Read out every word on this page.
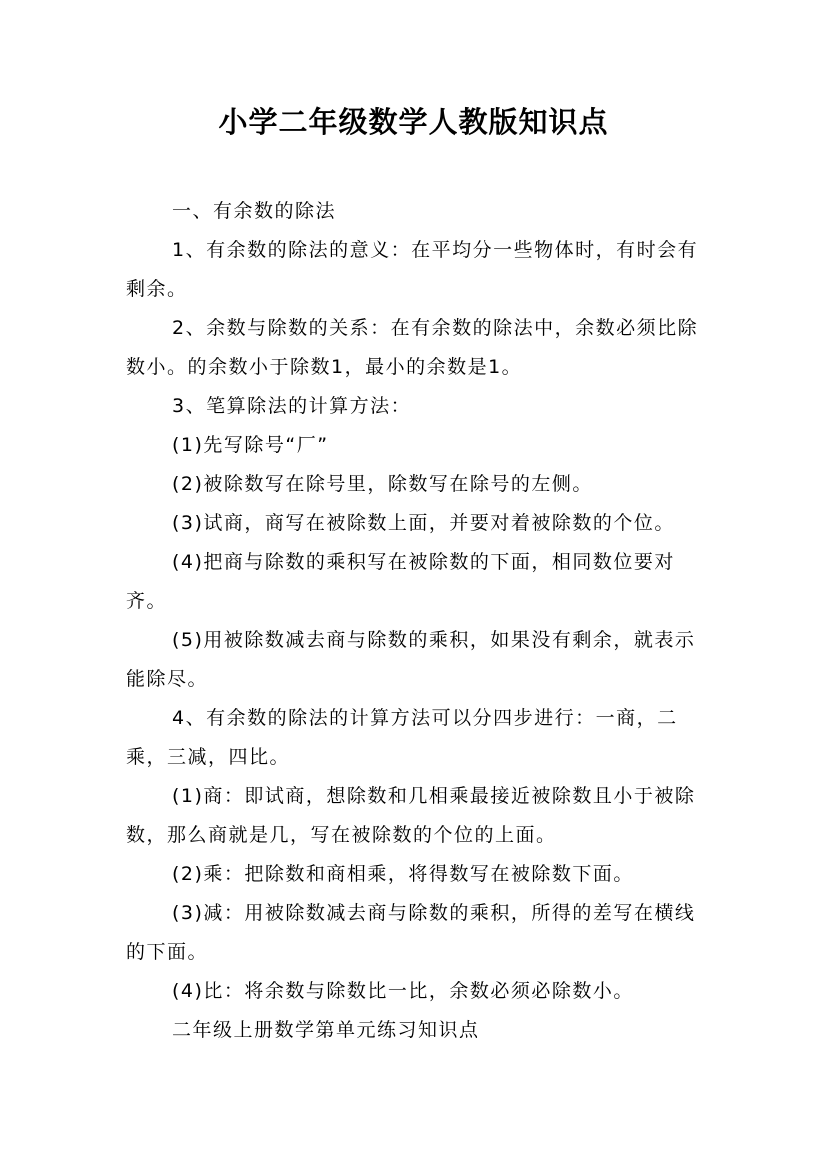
小学二年级数学人教版知识点

一、有余数的除法

1、有余数的除法的意义：在平均分一些物体时，有时会有剩余。

2、余数与除数的关系：在有余数的除法中，余数必须比除数小。的余数小于除数1，最小的余数是1。

3、笔算除法的计算方法：

(1)先写除号“厂”

(2)被除数写在除号里，除数写在除号的左侧。

(3)试商，商写在被除数上面，并要对着被除数的个位。

(4)把商与除数的乘积写在被除数的下面，相同数位要对齐。

(5)用被除数减去商与除数的乘积，如果没有剩余，就表示能除尽。

4、有余数的除法的计算方法可以分四步进行：一商，二乘，三减，四比。

(1)商：即试商，想除数和几相乘最接近被除数且小于被除数，那么商就是几，写在被除数的个位的上面。

(2)乘：把除数和商相乘，将得数写在被除数下面。

(3)减：用被除数减去商与除数的乘积，所得的差写在横线的下面。

(4)比：将余数与除数比一比，余数必须必除数小。

二年级上册数学第单元练习知识点
